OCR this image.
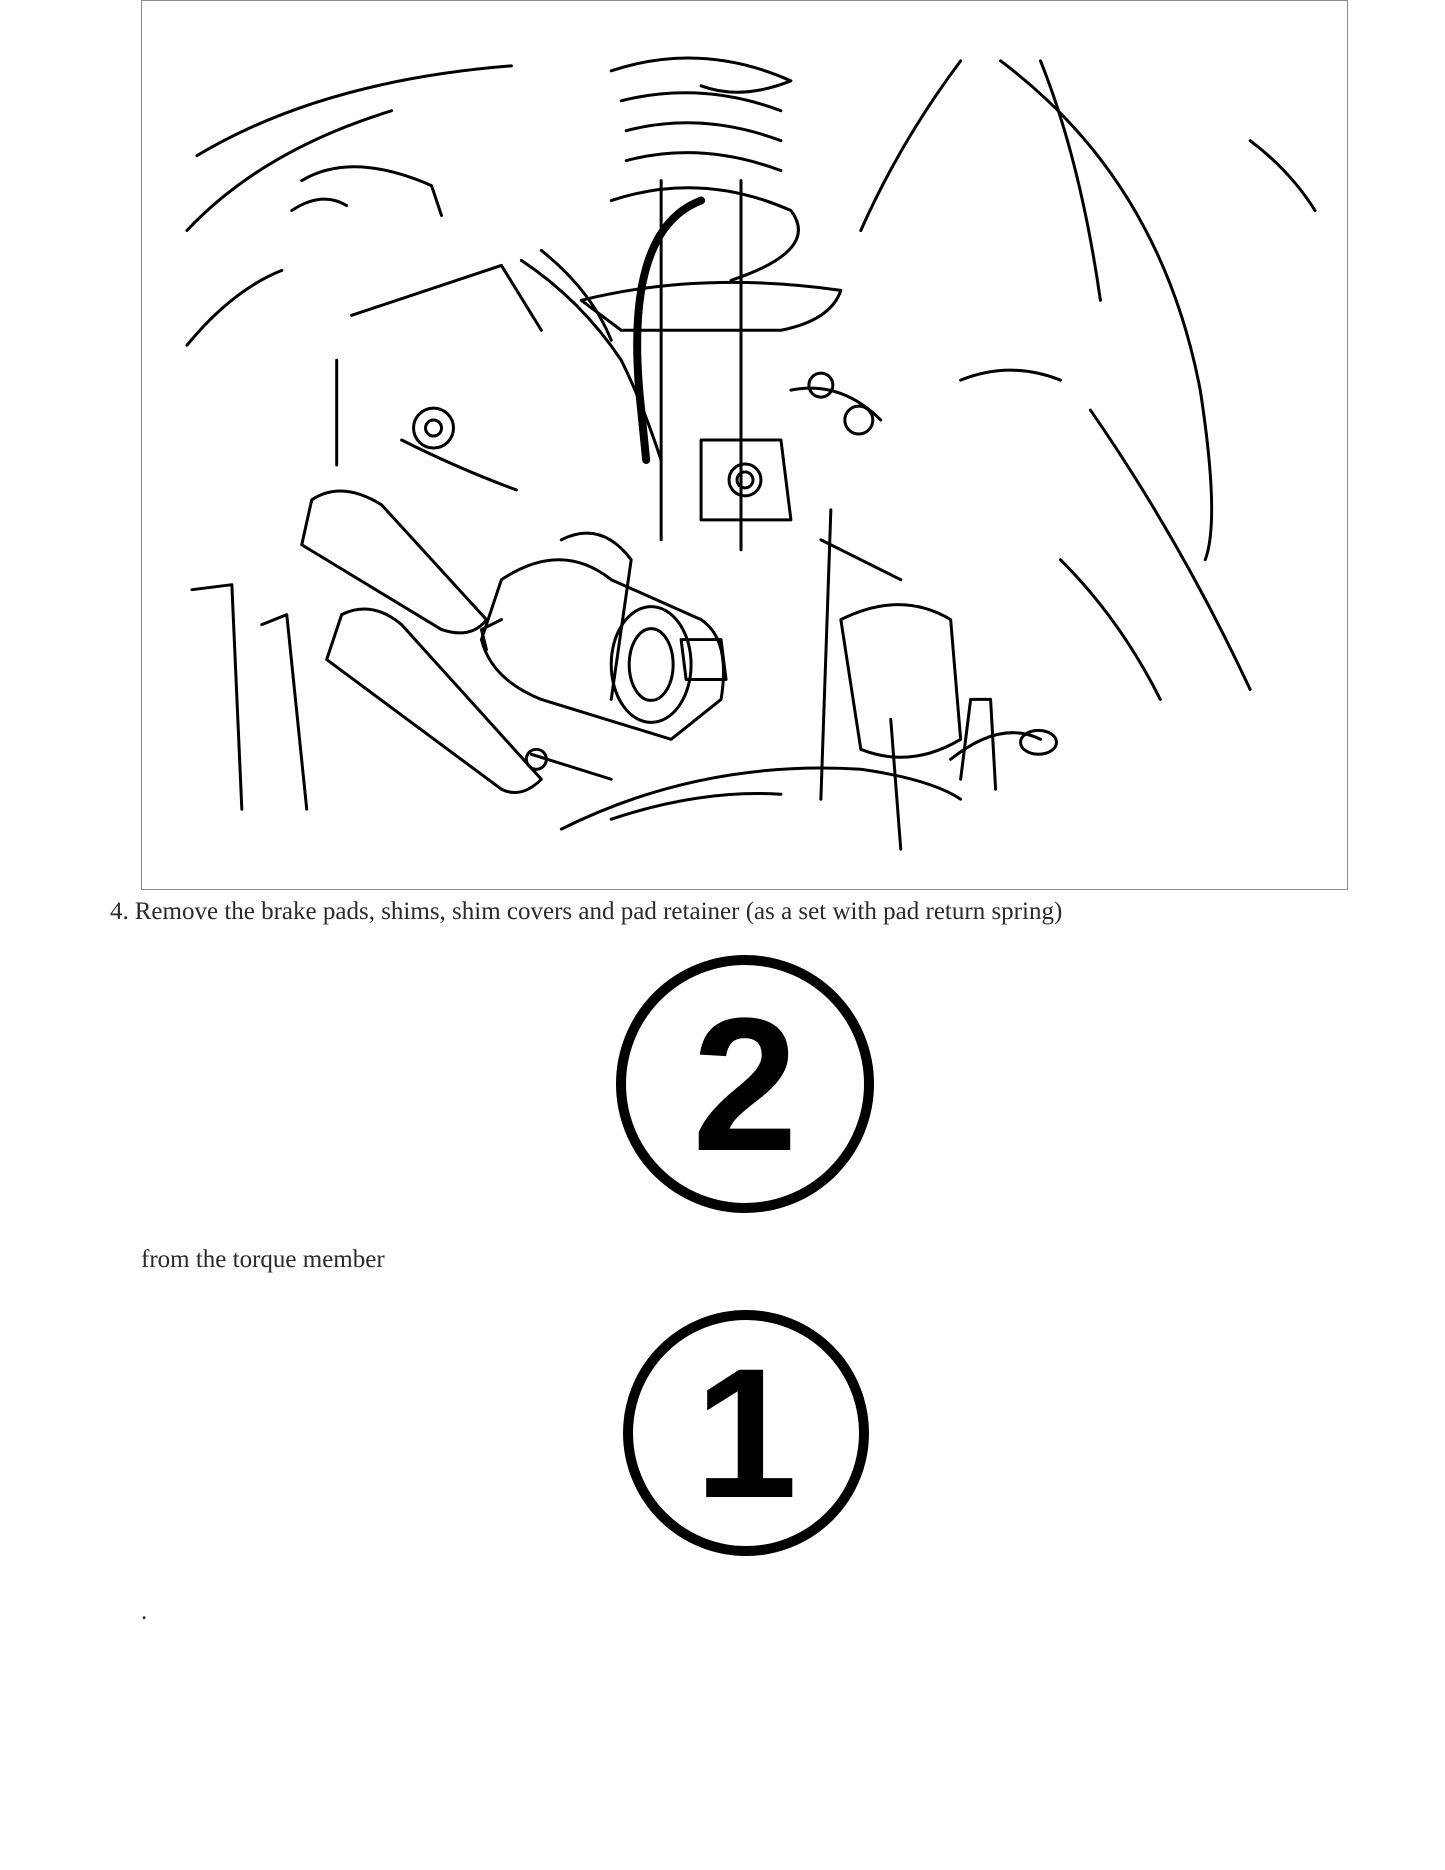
4. Remove the brake pads, shims, shim covers and pad retainer (as a set with pad return spring)
2
from the torque member
1
.
